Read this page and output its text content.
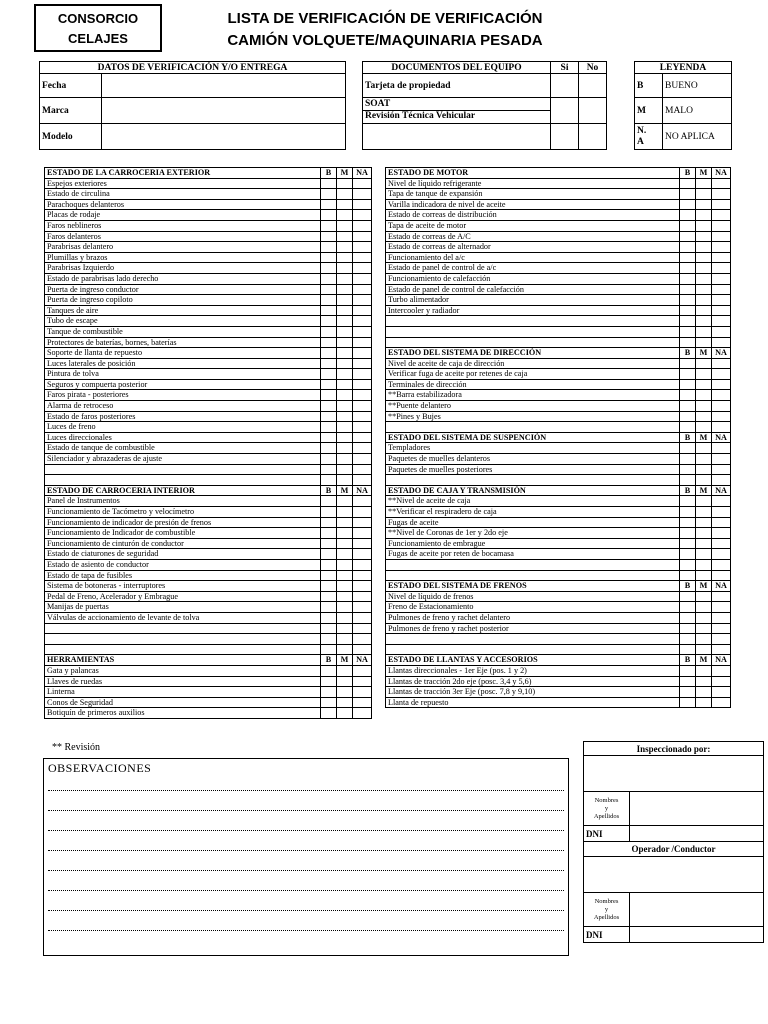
CONSORCIO
CELAJES
LISTA DE VERIFICACIÓN DE VERIFICACIÓN
CAMIÓN VOLQUETE/MAQUINARIA PESADA
DATOS DE VERIFICACIÓN Y/O ENTREGA	
Fecha	
Marca	
Modelo	
DOCUMENTOS DEL EQUIPO	Si	No
Tarjeta de propiedad		

SOAT
Revisión Técnica Vehicular		

LEYENDA	
B	BUENO
M	MALO
N.
A	NO APLICA
ESTADO DE LA CARROCERIA EXTERIOR	B	M	NA
Espejos exteriores			
Estado de circulina			
Parachoques delanteros			
Placas de rodaje			
Faros neblineros			
Faros delanteros			
Parabrisas delantero			
Plumillas y brazos			
Parabrisas Izquierdo			
Estado de parabrisas lado derecho			
Puerta de ingreso conductor			
Puerta de ingreso copiloto			
Tanques de aire			
Tubo de escape			
Tanque de combustible			
Protectores de baterías, bornes, baterías			
Soporte de llanta de repuesto			
Luces laterales de posición			
Pintura de tolva			
Seguros y compuerta posterior			
Faros pirata - posteriores			
Alarma de retroceso			
Estado de faros posteriores			
Luces de freno			
Luces direccionales			
Estado de tanque de combustible			
Silenciador y abrazaderas de ajuste			

ESTADO DE CARROCERIA INTERIOR	B	M	NA
Panel de Instrumentos			
Funcionamiento de Tacómetro y velocímetro			
Funcionamiento de indicador de presión de frenos			
Funcionamiento de Indicador de combustible			
Funcionamiento de cinturón de conductor			
Estado de ciaturones de seguridad			
Estado de asiento de conductor			
Estado de tapa de fusibles			
Sistema de botoneras - interruptores			
Pedal de Freno, Acelerador y Embrague			
Manijas de puertas			
Válvulas de accionamiento de levante de tolva			

HERRAMIENTAS	B	M	NA
Gata y palancas			
Llaves de ruedas			
Linterna			
Conos de Seguridad			
Botiquín de primeros auxilios			
ESTADO DE MOTOR	B	M	NA
Nivel de líquido refrigerante			
Tapa de tanque de expansión			
Varilla indicadora de nivel de aceite			
Estado de correas de distribución			
Tapa de aceite de motor			
Estado de correas de A/C			
Estado de correas de alternador			
Funcionamiento del a/c			
Estado de panel de control de a/c			
Funcionamiento de calefacción			
Estado de panel de control de calefacción			
Turbo alimentador			
Intercooler y radiador			

ESTADO DEL SISTEMA DE DIRECCIÓN	B	M	NA
Nivel de aceite de caja de dirección			
Verificar fuga de aceite por retenes de caja			
Terminales de dirección			
**Barra estabilizadora			
**Puente delantero			
**Pines y Bujes			

ESTADO DEL SISTEMA DE SUSPENCIÓN	B	M	NA
Templadores			
Paquetes de muelles delanteros			
Paquetes de muelles posteriores			

ESTADO DE CAJA Y TRANSMISIÓN	B	M	NA
**Nivel de aceite de caja			
**Verificar el respiradero de caja			
Fugas de aceite			
**Nivel de Coronas de 1er y 2do eje			
Funcionamiento de embrague			
Fugas de aceite por reten de bocamasa			

ESTADO DEL SISTEMA DE FRENOS	B	M	NA
Nivel de líquido de frenos			
Freno de Estacionamiento			
Pulmones de freno y rachet delantero			
Pulmones de freno y rachet posterior			

ESTADO DE LLANTAS Y ACCESORIOS	B	M	NA
Llantas direccionales - 1er Eje (pos. 1 y 2)			
Llantas de tracción 2do eje (posc. 3,4 y 5,6)			
Llantas de tracción 3er Eje (posc. 7,8 y 9,10)			
Llanta de repuesto			
** Revisión
OBSERVACIONES
Inspeccionado por:	

Nombres
y
Apellidos	
DNI	
Operador /Conductor	

Nombres
y
Apellidos	
DNI	
